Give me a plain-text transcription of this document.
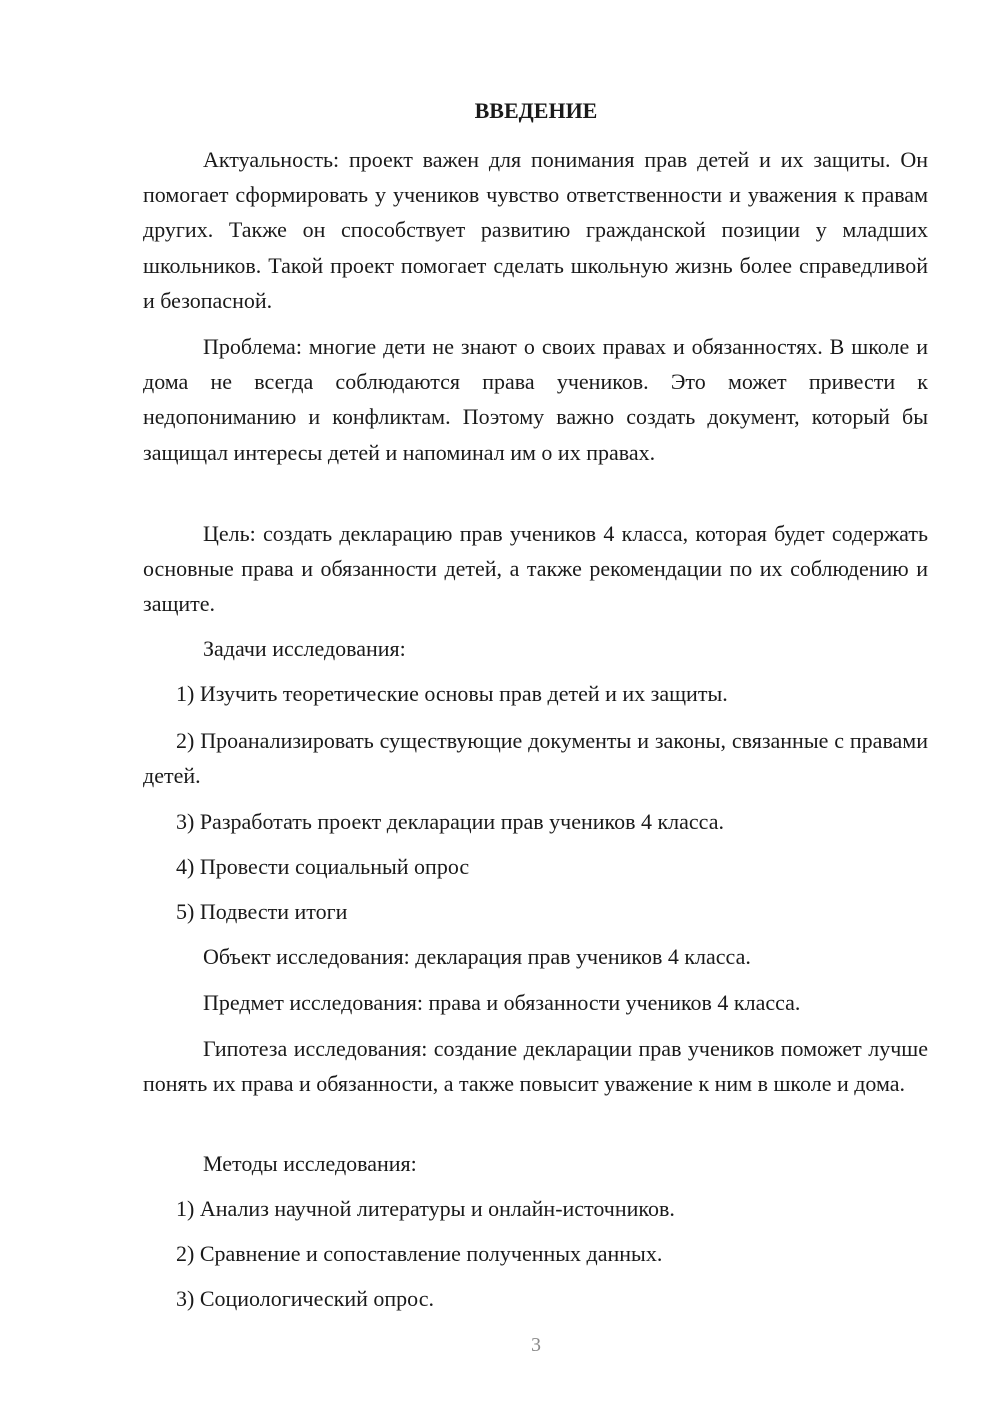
ВВЕДЕНИЕ

Актуальность: проект важен для понимания прав детей и их защиты. Он помогает сформировать у учеников чувство ответственности и уважения к правам других. Также он способствует развитию гражданской позиции у младших школьников. Такой проект помогает сделать школьную жизнь более справедливой и безопасной.

Проблема: многие дети не знают о своих правах и обязанностях. В школе и дома не всегда соблюдаются права учеников. Это может привести к недопониманию и конфликтам. Поэтому важно создать документ, который бы защищал интересы детей и напоминал им о их правах.

Цель: создать декларацию прав учеников 4 класса, которая будет содержать основные права и обязанности детей, а также рекомендации по их соблюдению и защите.

Задачи исследования:

1) Изучить теоретические основы прав детей и их защиты.

2) Проанализировать существующие документы и законы, связанные с правами детей.

3) Разработать проект декларации прав учеников 4 класса.

4) Провести социальный опрос

5) Подвести итоги

Объект исследования: декларация прав учеников 4 класса.

Предмет исследования: права и обязанности учеников 4 класса.

Гипотеза исследования: создание декларации прав учеников поможет лучше понять их права и обязанности, а также повысит уважение к ним в школе и дома.

Методы исследования:

1) Анализ научной литературы и онлайн-источников.

2) Сравнение и сопоставление полученных данных.

3) Социологический опрос.

3
